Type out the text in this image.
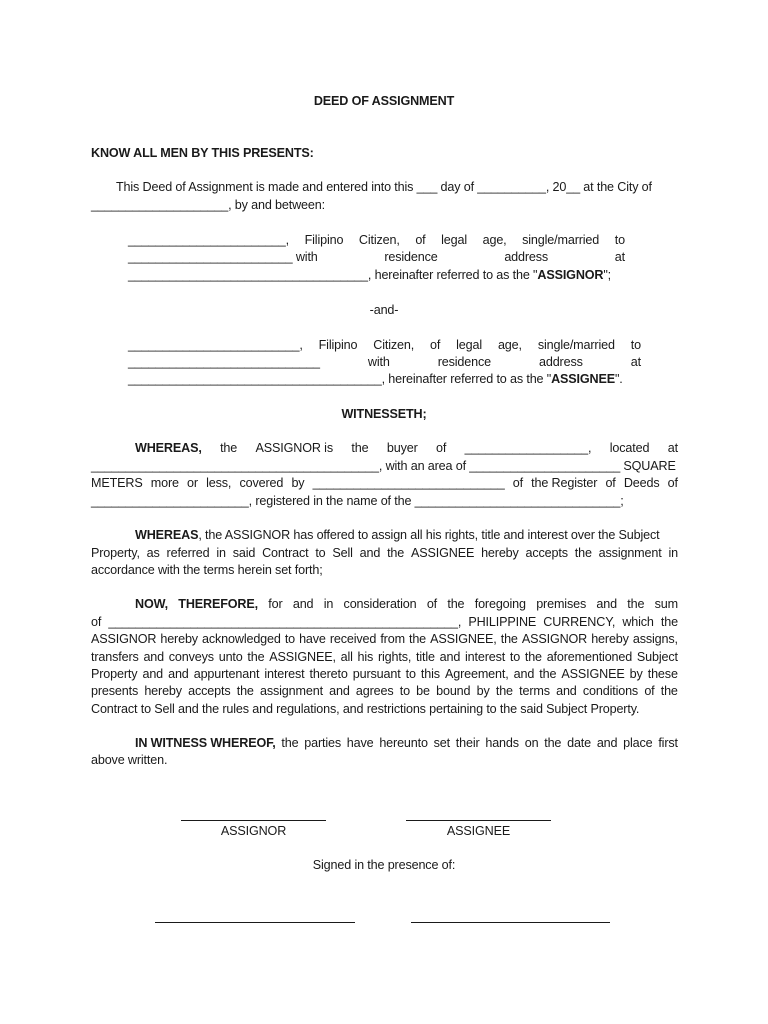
DEED OF ASSIGNMENT
KNOW ALL MEN BY THIS PRESENTS:
This Deed of Assignment is made and entered into this ___ day of __________, 20__ at the City of
____________________, by and between:
_______________________, Filipino Citizen, of legal age, single/married to
________________________ with	residence	address	at
___________________________________, hereinafter referred to as the "ASSIGNOR";
-and-
_________________________, Filipino Citizen, of legal age, single/married to
____________________________	with	residence	address	at
_____________________________________, hereinafter referred to as the "ASSIGNEE".
WITNESSETH;
WHEREAS, the ASSIGNOR is the buyer of __________________, located at
__________________________________________, with an area of ______________________ SQUARE
METERS more or less, covered by ____________________________ of the Register of Deeds of
_______________________, registered in the name of the ______________________________;
WHEREAS, the ASSIGNOR has offered to assign all his rights, title and interest over the Subject
Property, as referred in said Contract to Sell and the ASSIGNEE hereby accepts the assignment in
accordance with the terms herein set forth;
NOW, THEREFORE, for and in consideration of the foregoing premises and the sum
of ___________________________________________________, PHILIPPINE CURRENCY, which the
ASSIGNOR hereby acknowledged to have received from the ASSIGNEE, the ASSIGNOR hereby assigns,
transfers and conveys unto the ASSIGNEE, all his rights, title and interest to the aforementioned Subject
Property and and appurtenant interest thereto pursuant to this Agreement, and the ASSIGNEE by these
presents hereby accepts the assignment and agrees to be bound by the terms and conditions of the
Contract to Sell and the rules and regulations, and restrictions pertaining to the said Subject Property.
IN WITNESS WHEREOF, the parties have hereunto set their hands on the date and place first
above written.
ASSIGNOR	ASSIGNEE
Signed in the presence of:
